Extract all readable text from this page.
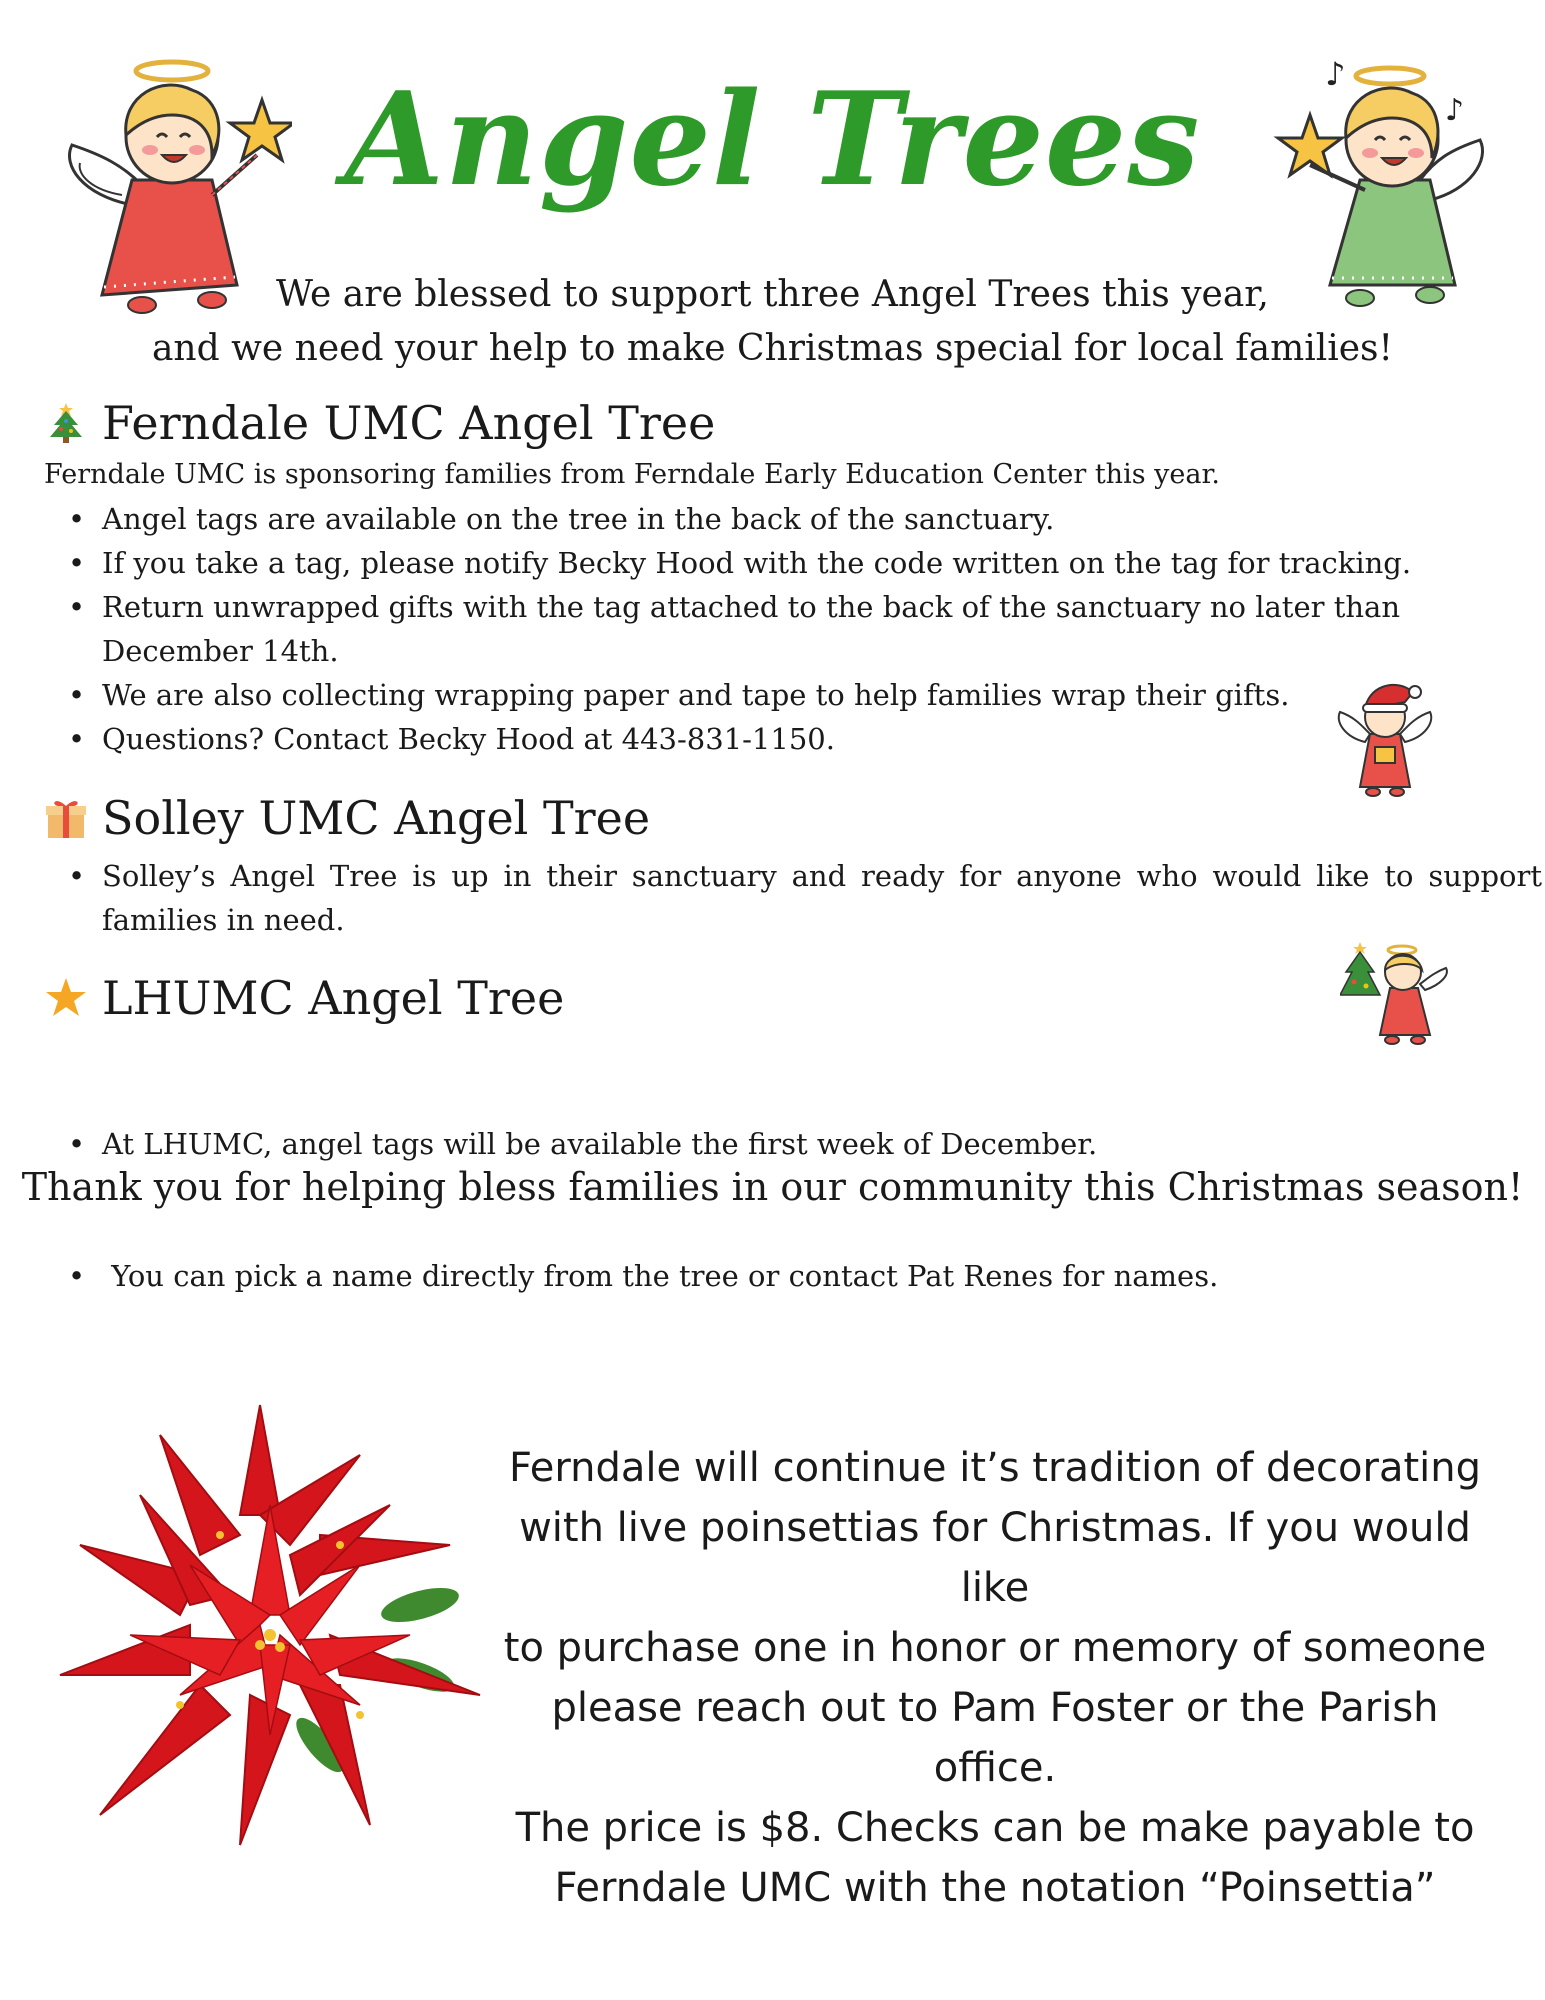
♪
♪
Angel Trees
We are blessed to support three Angel Trees this year,
and we need your help to make Christmas special for local families!
Ferndale UMC Angel Tree
Ferndale UMC is sponsoring families from Ferndale Early Education Center this year.
• Angel tags are available on the tree in the back of the sanctuary.
• If you take a tag, please notify Becky Hood with the code written on the tag for tracking.
• Return unwrapped gifts with the tag attached to the back of the sanctuary no later than December 14th.
• We are also collecting wrapping paper and tape to help families wrap their gifts.
• Questions? Contact Becky Hood at 443-831-1150.
Solley UMC Angel Tree
• Solley’s Angel Tree is up in their sanctuary and ready for anyone who would like to support families in need.
LHUMC Angel Tree

• At LHUMC, angel tags will be available the first week of December.

•  You can pick a name directly from the tree or contact Pat Renes for names.

Thank you for helping bless families in our community this Christmas season!
Ferndale will continue it’s tradition of decorating
with live poinsettias for Christmas. If you would like
to purchase one in honor or memory of someone
please reach out to Pam Foster or the Parish office.
The price is $8. Checks can be make payable to
Ferndale UMC with the notation “Poinsettia”
